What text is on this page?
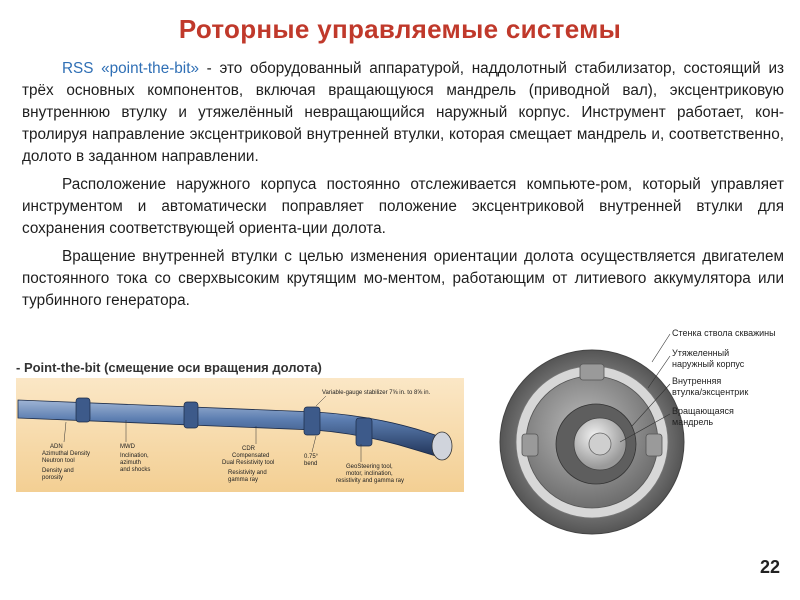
Роторные управляемые системы

RSS «point-the-bit» - это оборудованный аппаратурой, наддолотный стабилизатор, состоящий из трёх основных компонентов, включая вращающуюся мандрель (приводной вал), эксцентриковую внутреннюю втулку и утяжелённый невращающийся наружный корпус. Инструмент работает, кон-тролируя направление эксцентриковой внутренней втулки, которая смещает мандрель и, соответственно, долото в заданном направлении.

Расположение наружного корпуса постоянно отслеживается компьюте-ром, который управляет инструментом и автоматически поправляет положение эксцентриковой внутренней втулки для сохранения соответствующей ориента-ции долота.

Вращение внутренней втулки с целью изменения ориентации долота осуществляется двигателем постоянного тока со сверхвысоким крутящим мо-ментом, работающим от литиевого аккумулятора или турбинного генератора.

ADN
Azimuthal Density
Neutron tool
Density and
porosity
MWD
Inclination,
azimuth
and shocks
CDR
Compensated
Dual Resistivity tool
Resistivity and
gamma ray
0.75°
bend
Variable-gauge stabilizer 7⅝ in. to 8⅝ in.
GeoSteering tool,
motor, inclination,
resistivity and gamma ray
- Point-the-bit (смещение оси вращения долота)
Стенка ствола скважины
Утяжеленный
наружный корпус
Внутренняя
втулка/эксцентрик
Вращающаяся
мандрель
22
